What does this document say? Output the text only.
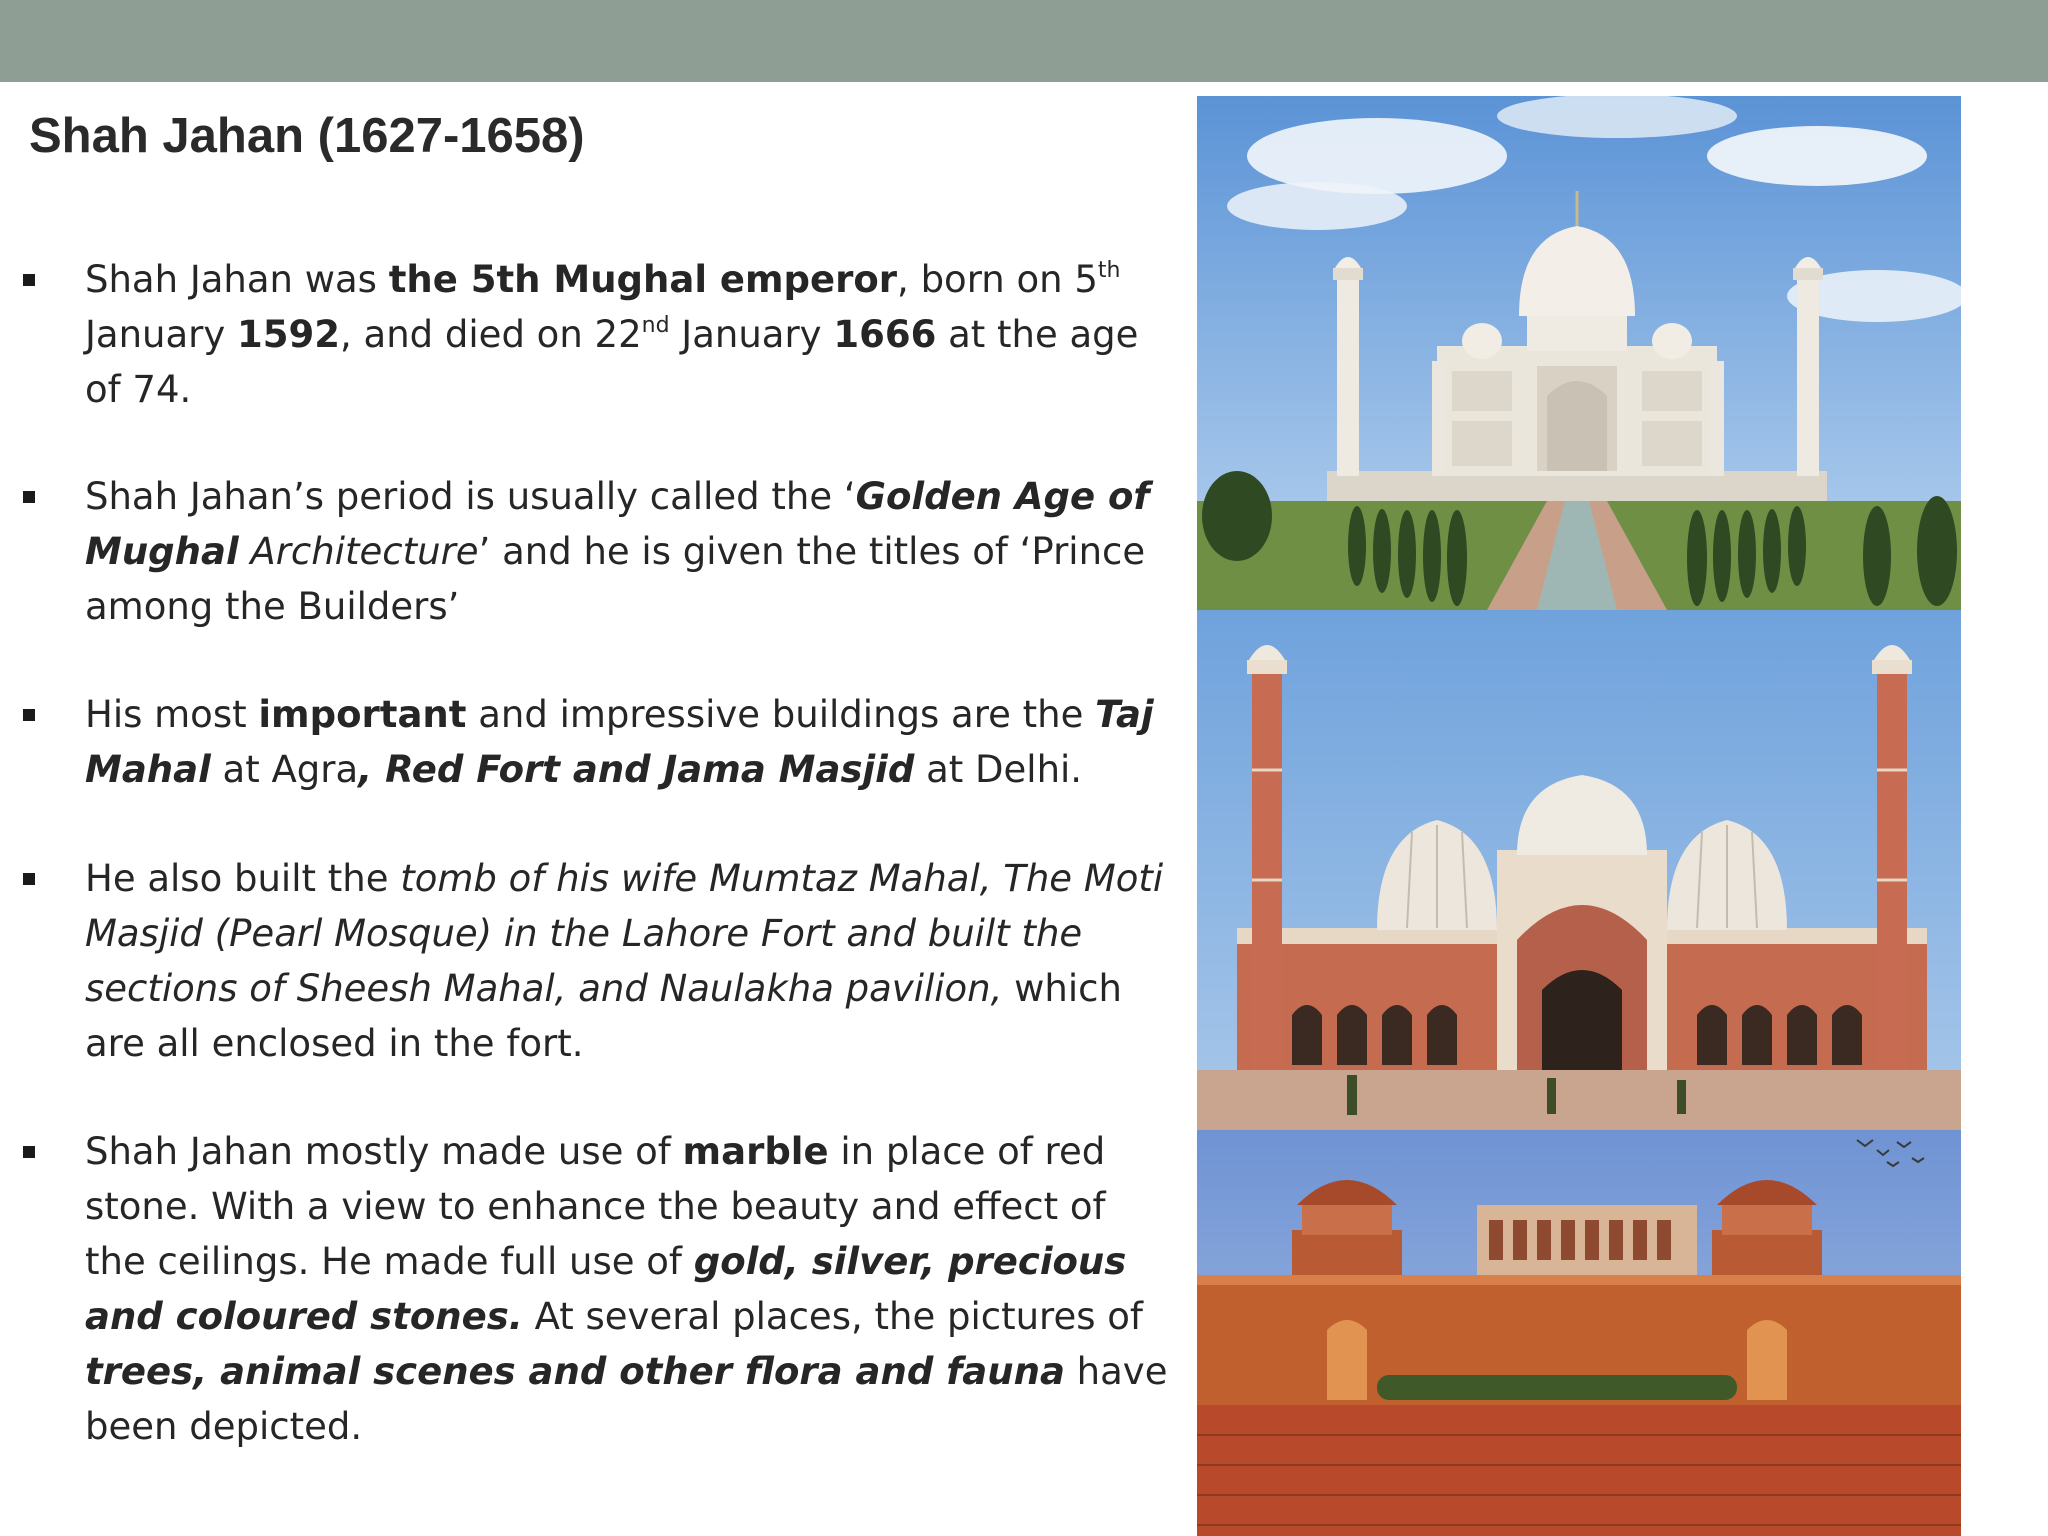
Shah Jahan (1627-1658)
Shah Jahan was the 5th Mughal emperor, born on 5th January 1592, and died on 22nd January 1666 at the age of 74.
Shah Jahan’s period is usually called the ‘Golden Age of Mughal Architecture’ and he is given the titles of ‘Prince among the Builders’
His most important and impressive buildings are the Taj Mahal at Agra, Red Fort and Jama Masjid at Delhi.
He also built the tomb of his wife Mumtaz Mahal, The Moti Masjid (Pearl Mosque) in the Lahore Fort and built the sections of Sheesh Mahal, and Naulakha pavilion, which are all enclosed in the fort.
Shah Jahan mostly made use of marble in place of red stone. With a view to enhance the beauty and effect of the ceilings. He made full use of gold, silver, precious and coloured stones. At several places, the pictures of trees, animal scenes and other flora and fauna have been depicted.
